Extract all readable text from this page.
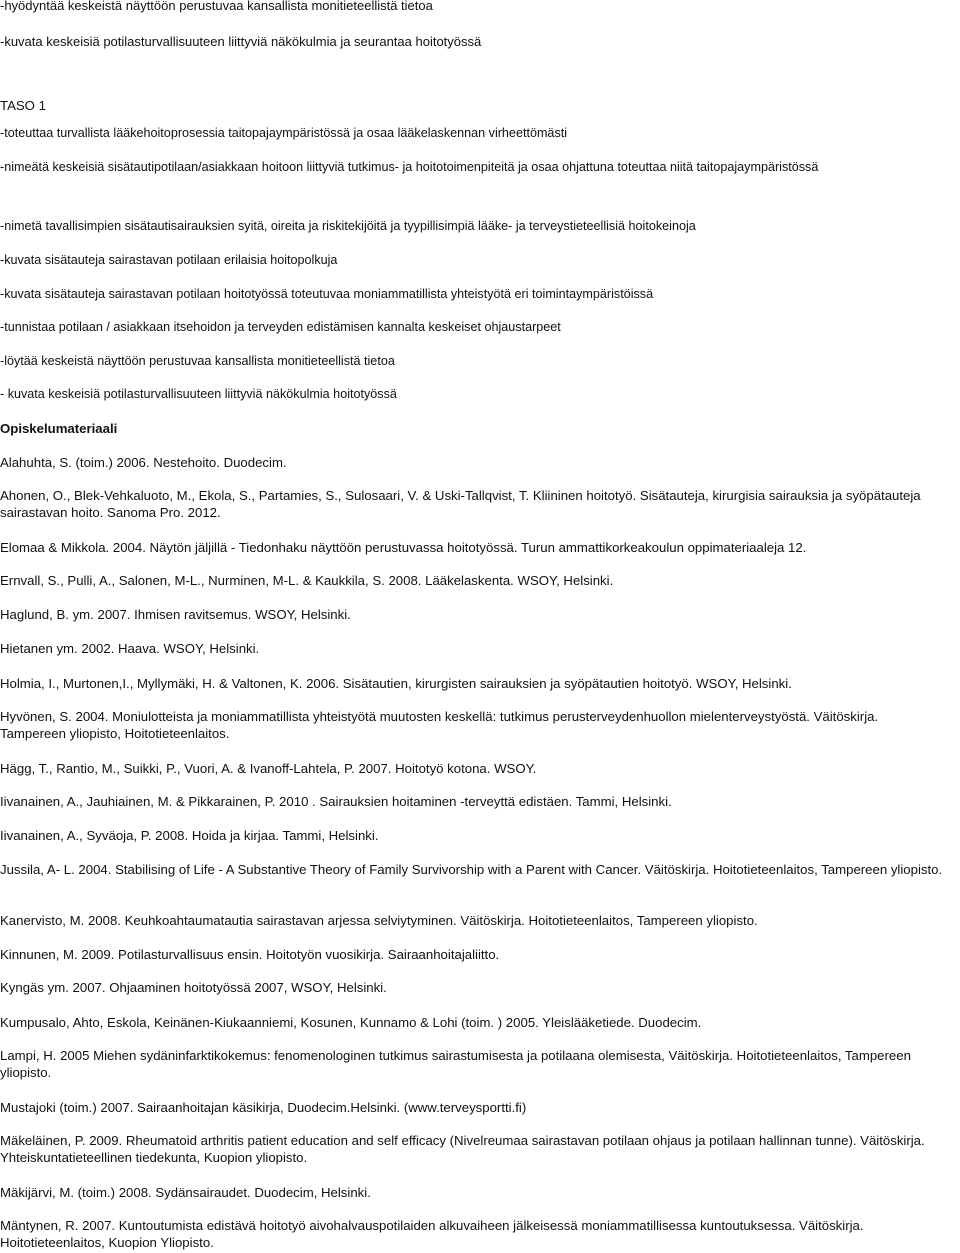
-hyödyntää keskeistä näyttöön perustuvaa kansallista monitieteellistä tietoa
-kuvata keskeisiä potilasturvallisuuteen liittyviä näkökulmia ja seurantaa hoitotyössä
TASO 1
-toteuttaa turvallista lääkehoitoprosessia taitopajaympäristössä ja osaa lääkelaskennan virheettömästi
-nimeätä keskeisiä sisätautipotilaan/asiakkaan hoitoon liittyviä tutkimus- ja hoitotoimenpiteitä ja osaa ohjattuna toteuttaa niitä taitopajaympäristössä
-nimetä tavallisimpien sisätautisairauksien syitä, oireita ja riskitekijöitä ja tyypillisimpiä lääke- ja terveystieteellisiä hoitokeinoja
-kuvata sisätauteja sairastavan potilaan erilaisia hoitopolkuja
-kuvata sisätauteja sairastavan potilaan hoitotyössä toteutuvaa moniammatillista yhteistyötä eri toimintaympäristöissä
-tunnistaa potilaan / asiakkaan itsehoidon ja terveyden edistämisen kannalta keskeiset ohjaustarpeet
-löytää keskeistä näyttöön perustuvaa kansallista monitieteellistä tietoa
- kuvata keskeisiä potilasturvallisuuteen liittyviä näkökulmia hoitotyössä
Opiskelumateriaali
Alahuhta, S. (toim.) 2006. Nestehoito. Duodecim.
Ahonen, O., Blek-Vehkaluoto, M., Ekola, S., Partamies, S., Sulosaari, V. & Uski-Tallqvist, T. Kliininen hoitotyö. Sisätauteja, kirurgisia sairauksia ja syöpätauteja sairastavan hoito. Sanoma Pro. 2012.
Elomaa & Mikkola. 2004. Näytön jäljillä - Tiedonhaku näyttöön perustuvassa hoitotyössä. Turun ammattikorkeakoulun oppimateriaaleja 12.
Ernvall, S., Pulli, A., Salonen, M-L., Nurminen, M-L. & Kaukkila, S. 2008. Lääkelaskenta. WSOY, Helsinki.
Haglund, B. ym. 2007. Ihmisen ravitsemus. WSOY, Helsinki.
Hietanen ym. 2002. Haava. WSOY, Helsinki.
Holmia, I., Murtonen,I., Myllymäki, H. & Valtonen, K. 2006. Sisätautien, kirurgisten sairauksien ja syöpätautien hoitotyö. WSOY, Helsinki.
Hyvönen, S. 2004. Moniulotteista ja moniammatillista yhteistyötä muutosten keskellä: tutkimus perusterveydenhuollon mielenterveystyöstä. Väitöskirja. Tampereen yliopisto, Hoitotieteenlaitos.
Hägg, T., Rantio, M., Suikki, P., Vuori, A. & Ivanoff-Lahtela, P. 2007. Hoitotyö kotona. WSOY.
Iivanainen, A., Jauhiainen, M. & Pikkarainen, P. 2010 . Sairauksien hoitaminen -terveyttä edistäen. Tammi, Helsinki.
Iivanainen, A., Syväoja, P. 2008. Hoida ja kirjaa. Tammi, Helsinki.
Jussila, A- L. 2004. Stabilising of Life - A Substantive Theory of Family Survivorship with a Parent with Cancer. Väitöskirja. Hoitotieteenlaitos, Tampereen yliopisto.
Kanervisto, M. 2008. Keuhkoahtaumatautia sairastavan arjessa selviytyminen. Väitöskirja. Hoitotieteenlaitos, Tampereen yliopisto.
Kinnunen, M. 2009. Potilasturvallisuus ensin. Hoitotyön vuosikirja. Sairaanhoitajaliitto.
Kyngäs ym. 2007. Ohjaaminen hoitotyössä 2007, WSOY, Helsinki.
Kumpusalo, Ahto, Eskola, Keinänen-Kiukaanniemi, Kosunen, Kunnamo & Lohi (toim. ) 2005. Yleislääketiede. Duodecim.
Lampi, H. 2005 Miehen sydäninfarktikokemus: fenomenologinen tutkimus sairastumisesta ja potilaana olemisesta, Väitöskirja. Hoitotieteenlaitos, Tampereen yliopisto.
Mustajoki (toim.) 2007. Sairaanhoitajan käsikirja, Duodecim.Helsinki. (www.terveysportti.fi)
Mäkeläinen, P. 2009. Rheumatoid arthritis patient education and self efficacy (Nivelreumaa sairastavan potilaan ohjaus ja potilaan hallinnan tunne). Väitöskirja. Yhteiskuntatieteellinen tiedekunta, Kuopion yliopisto.
Mäkijärvi, M. (toim.) 2008. Sydänsairaudet. Duodecim, Helsinki.
Mäntynen, R. 2007. Kuntoutumista edistävä hoitotyö aivohalvauspotilaiden alkuvaiheen jälkeisessä moniammatillisessa kuntoutuksessa. Väitöskirja. Hoitotieteenlaitos, Kuopion Yliopisto.
